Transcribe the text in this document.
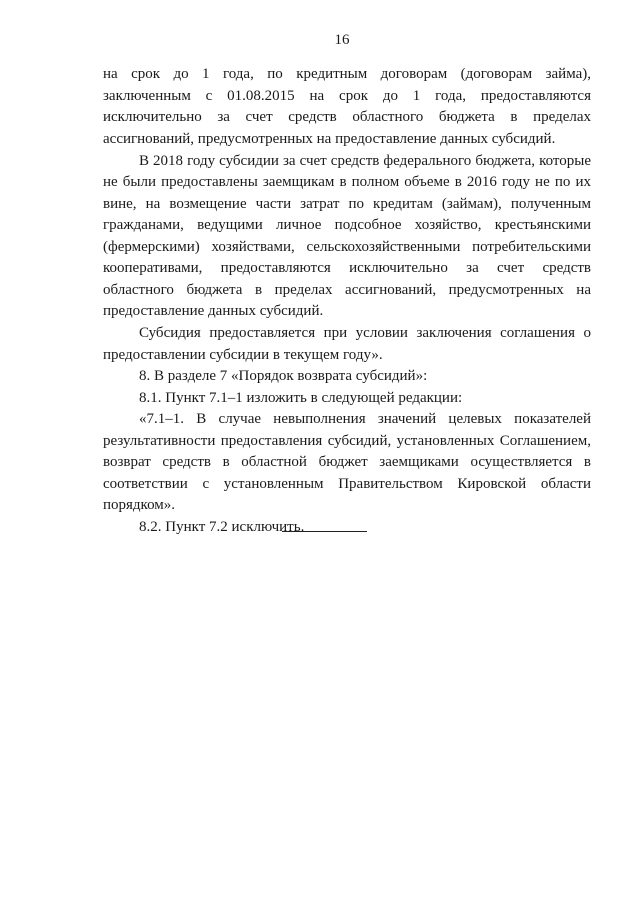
16

на срок до 1 года, по кредитным договорам (договорам займа), заключенным с 01.08.2015 на срок до 1 года, предоставляются исключительно за счет средств областного бюджета в пределах ассигнований, предусмотренных на предоставление данных субсидий.

В 2018 году субсидии за счет средств федерального бюджета, которые не были предоставлены заемщикам в полном объеме в 2016 году не по их вине, на возмещение части затрат по кредитам (займам), полученным гражданами, ведущими личное подсобное хозяйство, крестьянскими (фермерскими) хозяйствами, сельскохозяйственными потребительскими кооперативами, предоставляются исключительно за счет средств областного бюджета в пределах ассигнований, предусмотренных на предоставление данных субсидий.

Субсидия предоставляется при условии заключения соглашения о предоставлении субсидии в текущем году».

8. В разделе 7 «Порядок возврата субсидий»:

8.1. Пункт 7.1–1 изложить в следующей редакции:

«7.1–1. В случае невыполнения значений целевых показателей результативности предоставления субсидий, установленных Соглашением, возврат средств в областной бюджет заемщиками осуществляется в соответствии с установленным Правительством Кировской области порядком».

8.2. Пункт 7.2 исключить.
